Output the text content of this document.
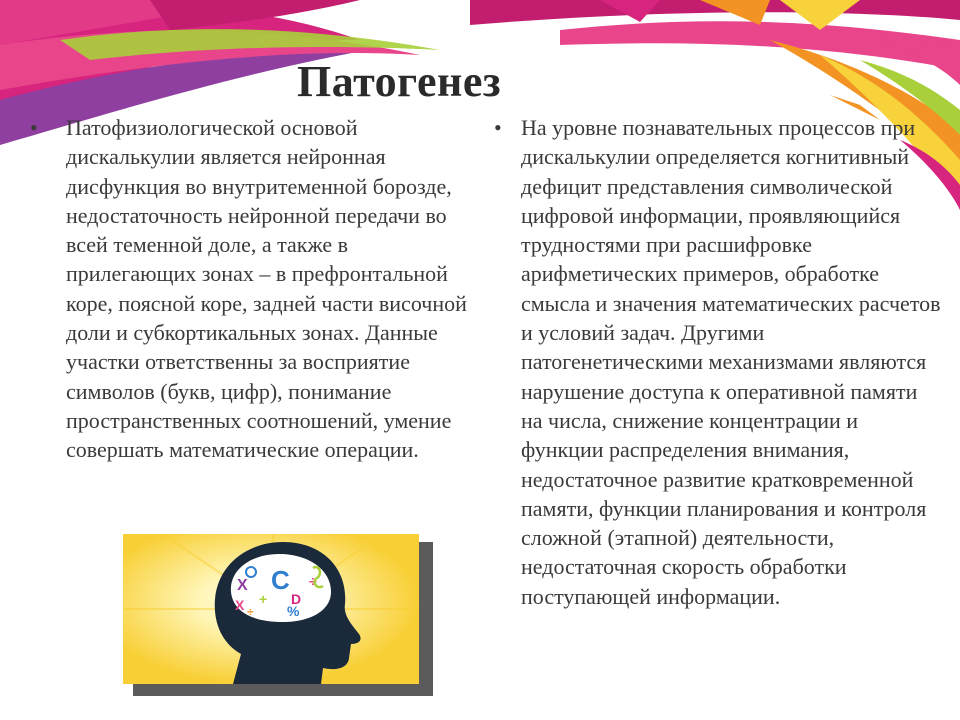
Патогенез
• Патофизиологической основой дискалькулии является нейронная дисфункция во внутритеменной борозде, недостаточность нейронной передачи во всей теменной доле, а также в прилегающих зонах – в префронтальной коре, поясной коре, задней части височной доли и субкортикальных зонах. Данные участки ответственны за восприятие символов (букв, цифр), понимание пространственных соотношений, умение совершать математические операции.
• На уровне познавательных процессов при дискалькулии определяется когнитивный дефицит представления символической цифровой информации, проявляющийся трудностями при расшифровке арифметических примеров, обработке смысла и значения математических расчетов и условий задач. Другими патогенетическими механизмами являются нарушение доступа к оперативной памяти на числа, снижение концентрации и функции распределения внимания, недостаточное развитие кратковременной памяти, функции планирования и контроля сложной (этапной) деятельности, недостаточная скорость обработки поступающей информации.
C
D
X
%
+
÷
÷
X
